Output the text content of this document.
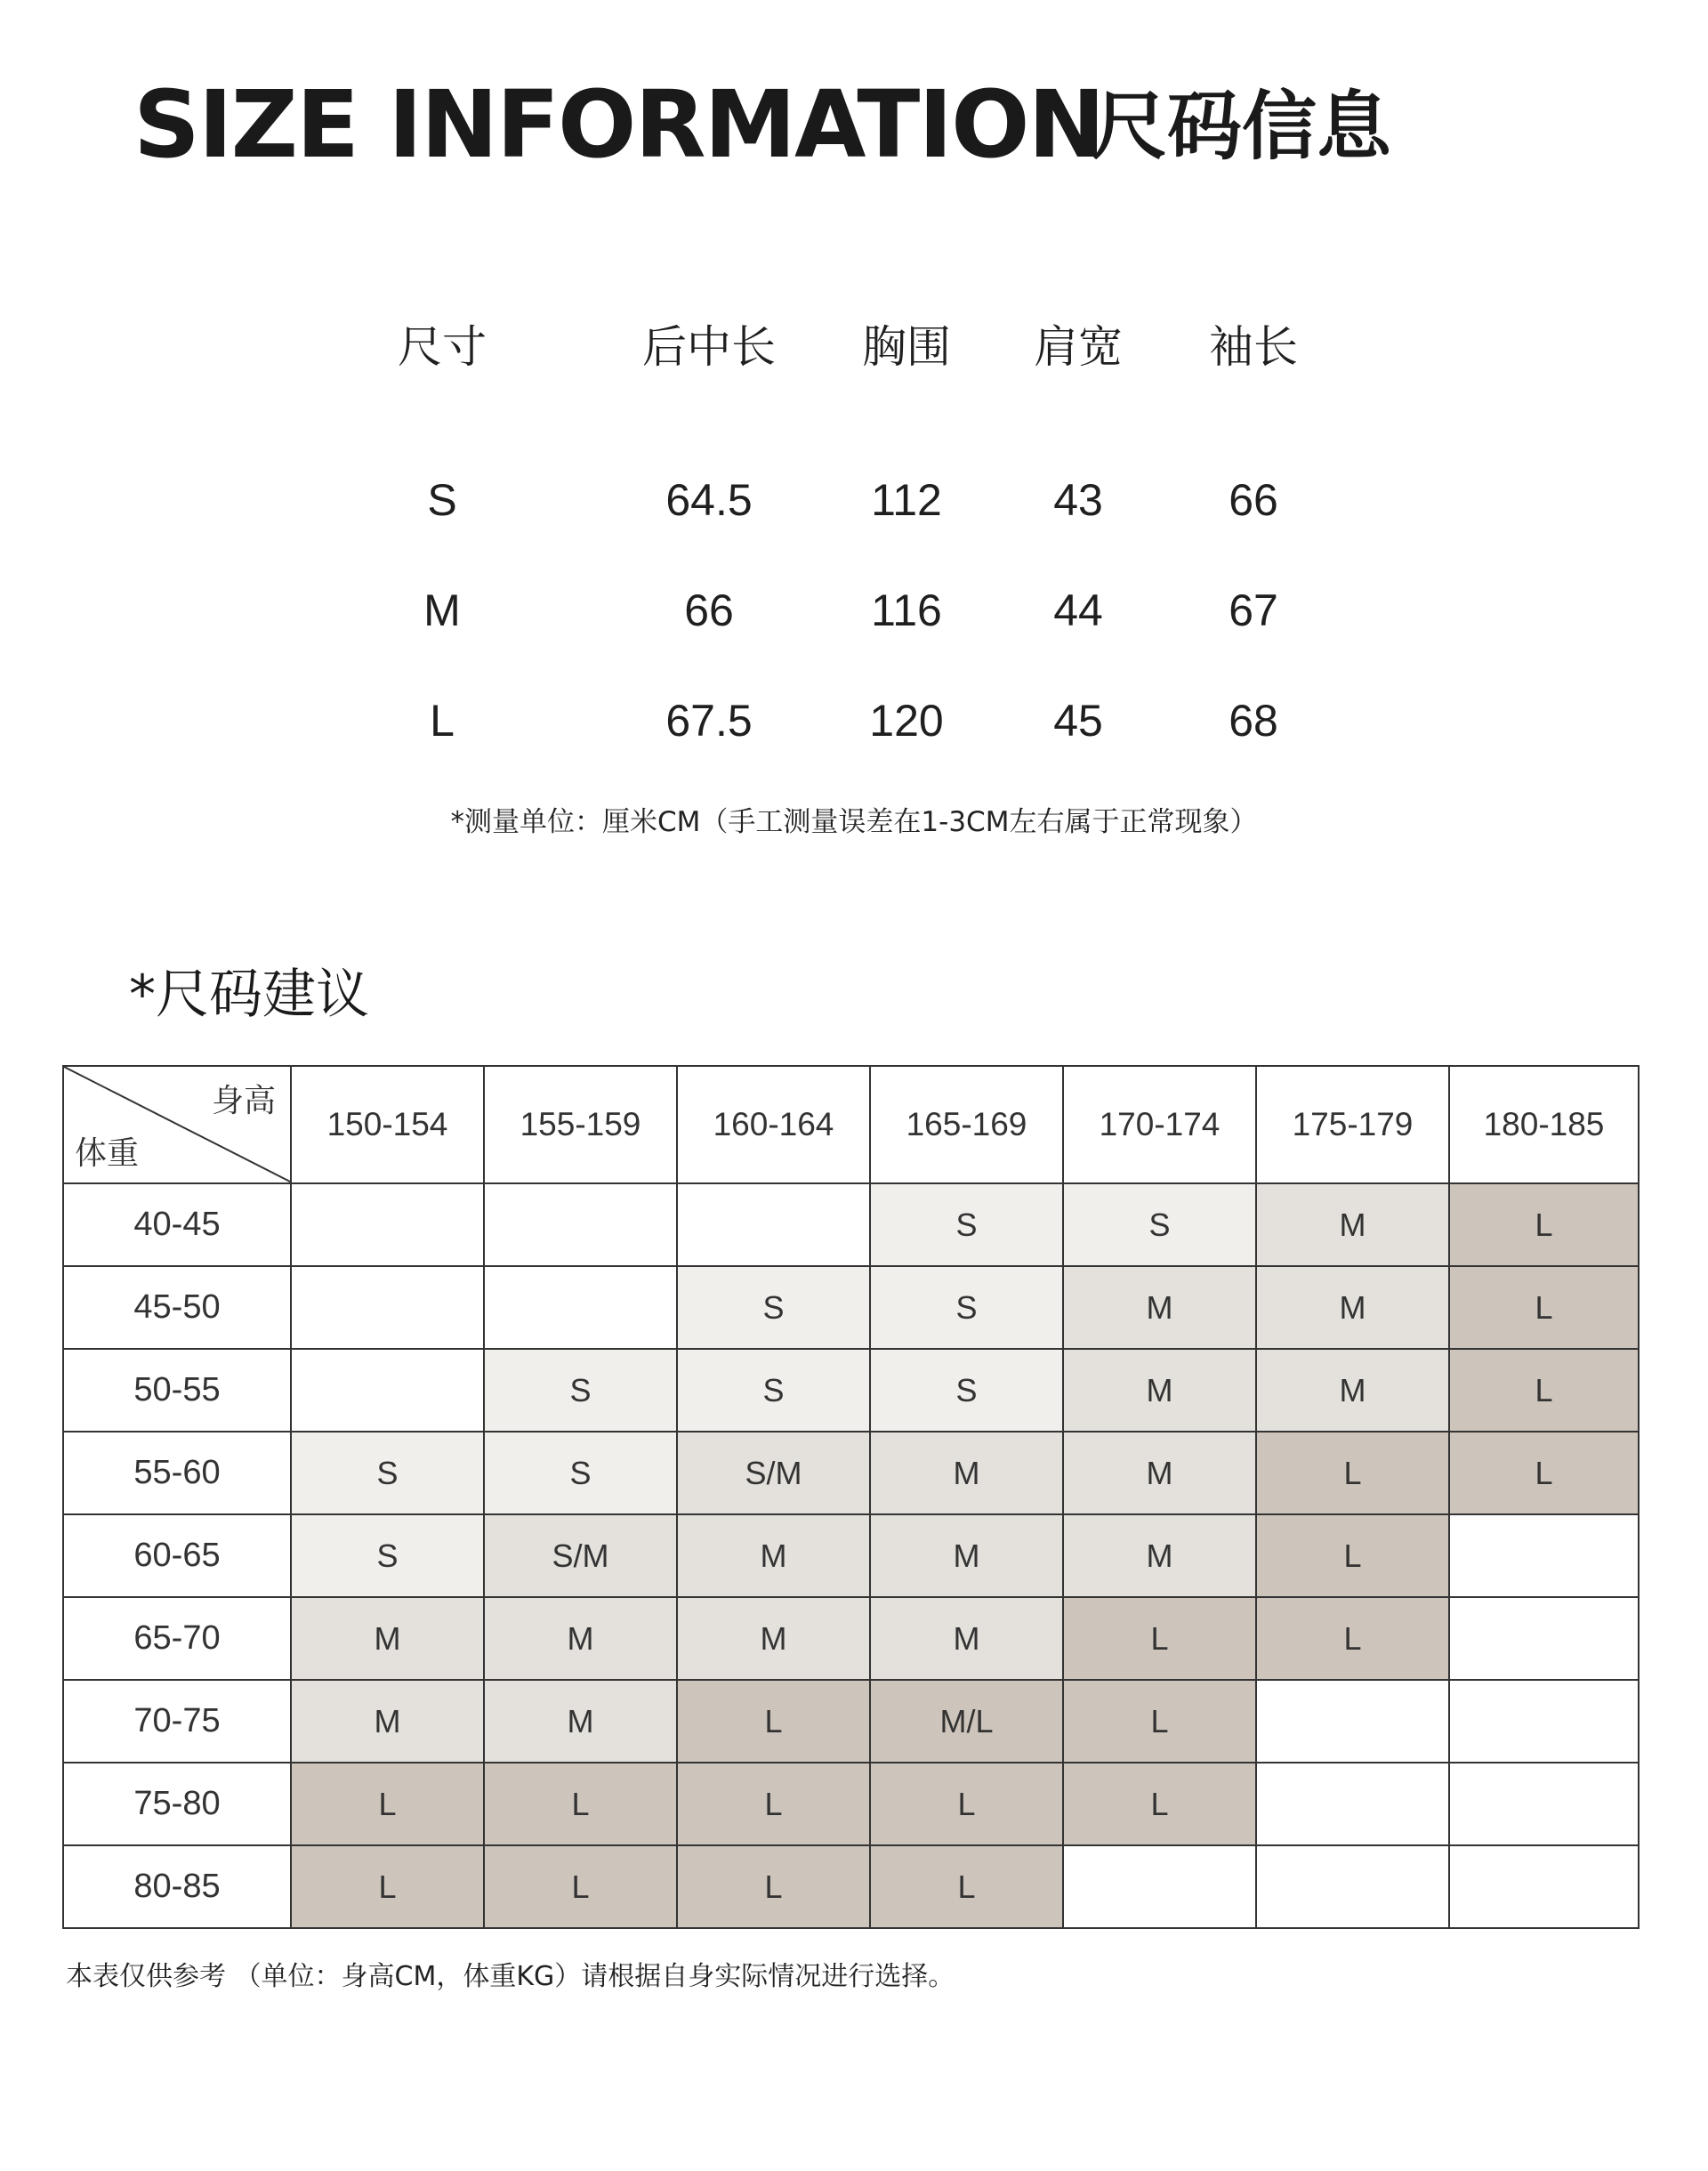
SIZE INFORMATION
尺码信息
尺寸	后中长 胸围 肩宽 袖长
S	64.5	112	43	66
M	66	116	44	67
L	67.5	120 45	68
*测量单位：厘米CM（手工测量误差在1-3CM左右属于正常现象）
*尺码建议
身高
体重	150-154	155-159	160-164	165-169	170-174	175-179	180-185
40-45				S	S	M	L
45-50			S	S	M	M	L
50-55		S	S	S	M	M	L
55-60	S	S	S/M	M	M	L	L
60-65	S	S/M	M	M	M	L	
65-70	M	M	M	M	L	L	
70-75	M	M	L	M/L	L		
75-80	L	L	L	L	L		
80-85	L	L	L	L			
本表仅供参考 （单位：身高CM，体重KG）请根据自身实际情况进行选择。
